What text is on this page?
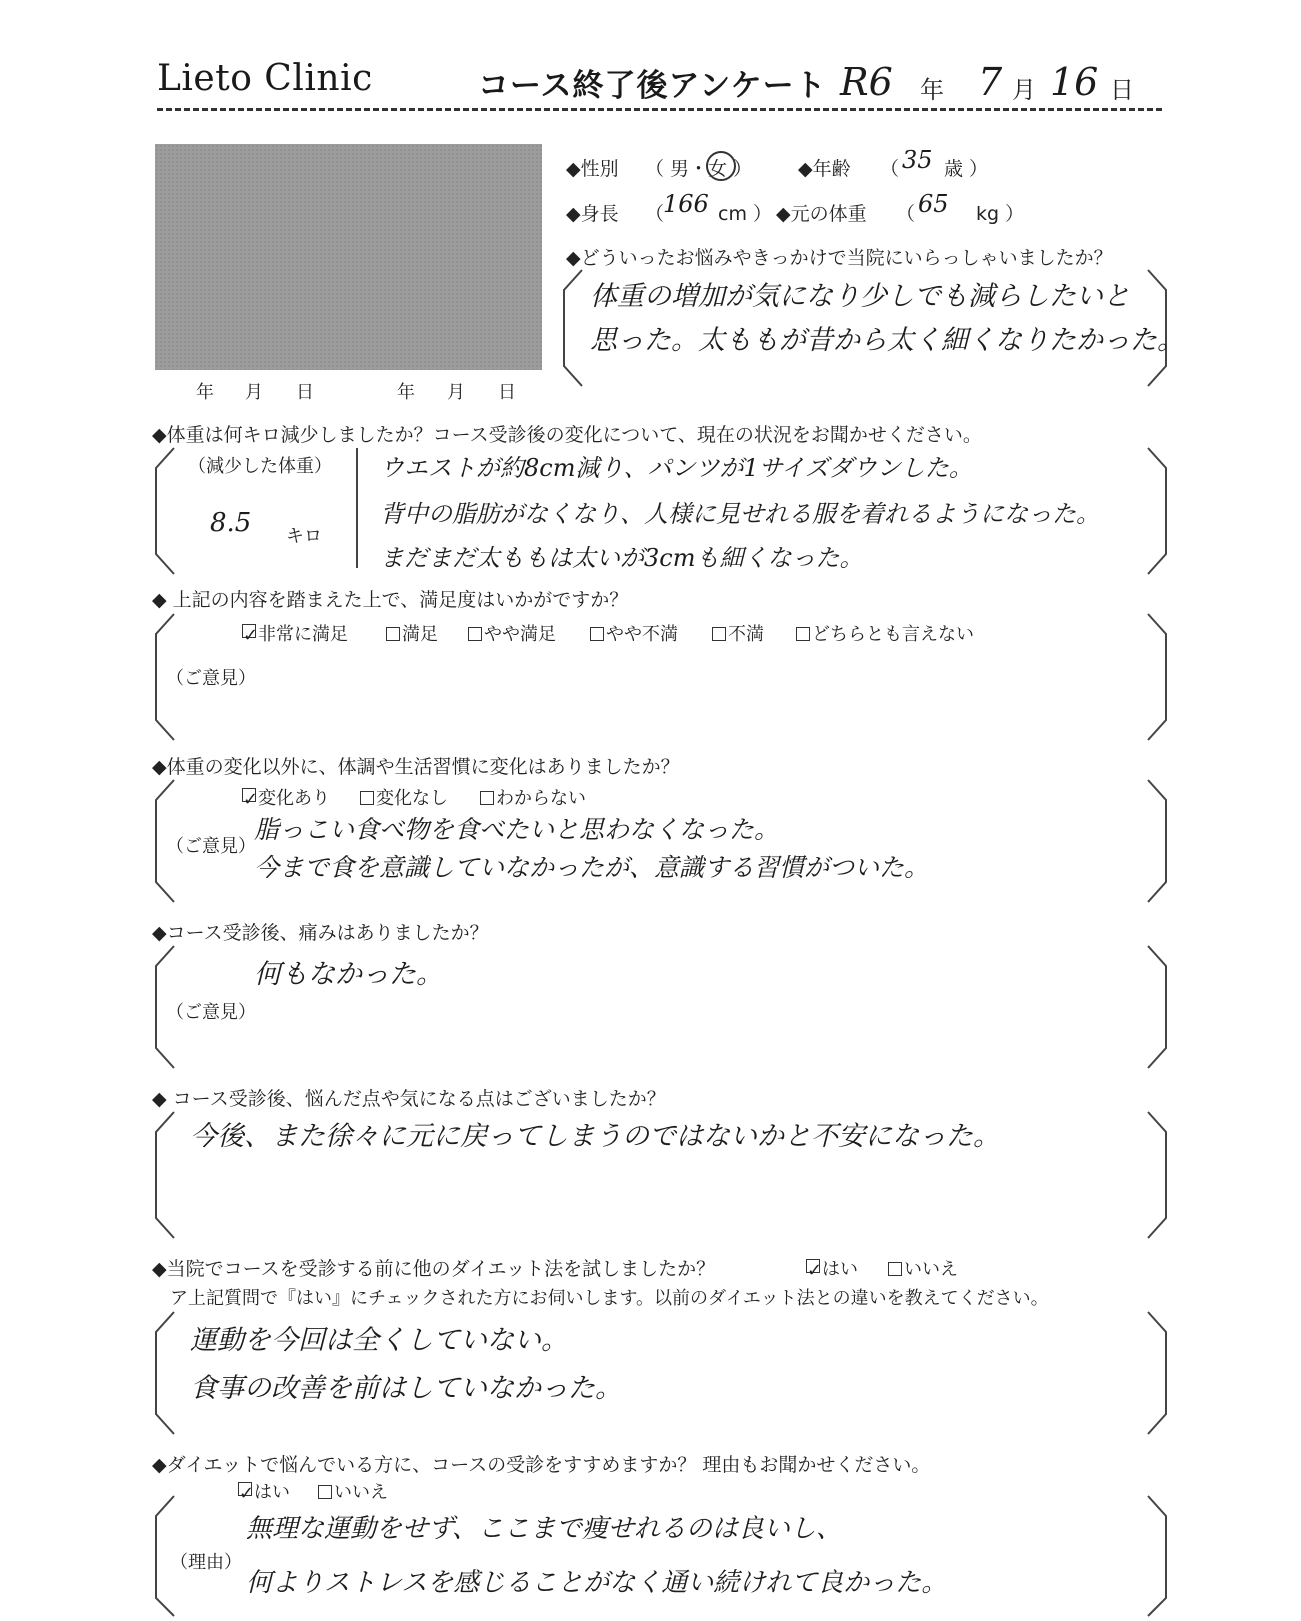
Lieto Clinic	コース終了後アンケート R6 年 7 月 16 日
年 月 日	年 月 日
◆性別 （ 男・女 ） ◆年齢 （ 35 歳 ）
◆身長 （
166 cm ） ◆元の体重 （ 65 kg ）
◆どういったお悩みやきっかけで当院にいらっしゃいましたか？
体重の増加が気になり少しでも減らしたいと
思った。太ももが昔から太く細くなりたかった。
◆体重は何キロ減少しましたか？コース受診後の変化について、現在の状況をお聞かせください。
（減少した体重）
8.5 キロ
ウエストが約8cm減り、パンツが1サイズダウンした。
背中の脂肪がなくなり、人様に見せれる服を着れるようになった。
まだまだ太ももは太いが3cmも細くなった。
◆ 上記の内容を踏まえた上で、満足度はいかがですか？
✓非常に満足	満足	やや満足	やや不満	不満	どちらとも言えない
（ご意見）
◆体重の変化以外に、体調や生活習慣に変化はありましたか？
✓変化あり	変化なし	わからない
（ご意見）
脂っこい食べ物を食べたいと思わなくなった。
今まで食を意識していなかったが、意識する習慣がついた。
◆コース受診後、痛みはありましたか？
何もなかった。
（ご意見）
◆ コース受診後、悩んだ点や気になる点はございましたか？
今後、また徐々に元に戻ってしまうのではないかと不安になった。
◆当院でコースを受診する前に他のダイエット法を試しましたか？	✓はい	いいえ
ア上記質問で『はい』にチェックされた方にお伺いします。以前のダイエット法との違いを教えてください。
運動を今回は全くしていない。
食事の改善を前はしていなかった。
◆ダイエットで悩んでいる方に、コースの受診をすすめますか？ 理由もお聞かせください。
✓はい	いいえ
（理由）
無理な運動をせず、ここまで痩せれるのは良いし、
何よりストレスを感じることがなく通い続けれて良かった。
